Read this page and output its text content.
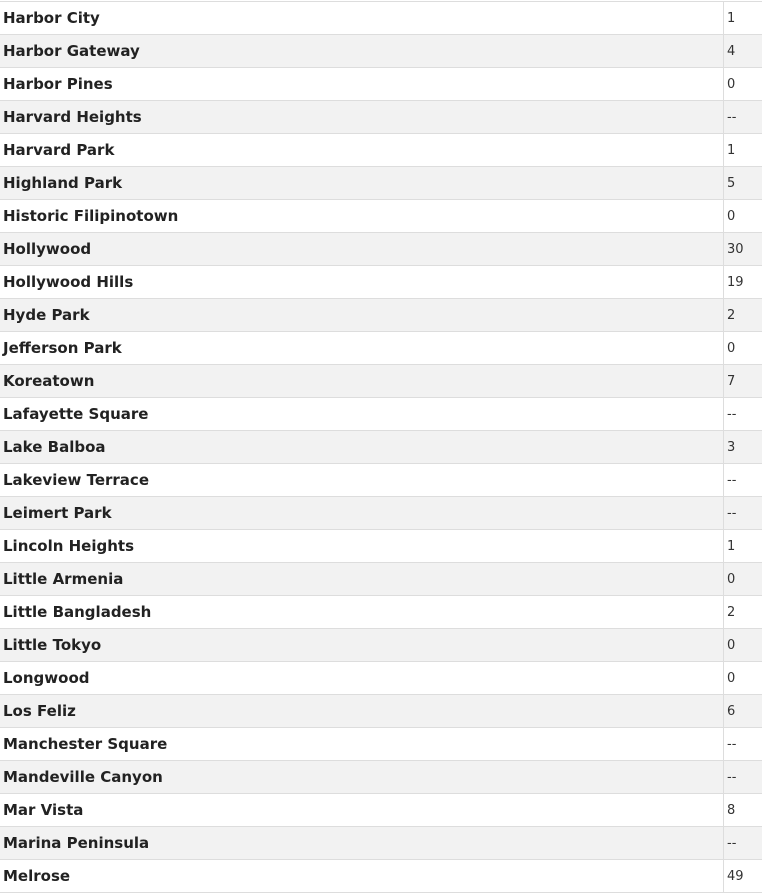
Harbor City	1
Harbor Gateway	4
Harbor Pines	0
Harvard Heights	--
Harvard Park	1
Highland Park	5
Historic Filipinotown	0
Hollywood	30
Hollywood Hills	19
Hyde Park	2
Jefferson Park	0
Koreatown	7
Lafayette Square	--
Lake Balboa	3
Lakeview Terrace	--
Leimert Park	--
Lincoln Heights	1
Little Armenia	0
Little Bangladesh	2
Little Tokyo	0
Longwood	0
Los Feliz	6
Manchester Square	--
Mandeville Canyon	--
Mar Vista	8
Marina Peninsula	--
Melrose	49
